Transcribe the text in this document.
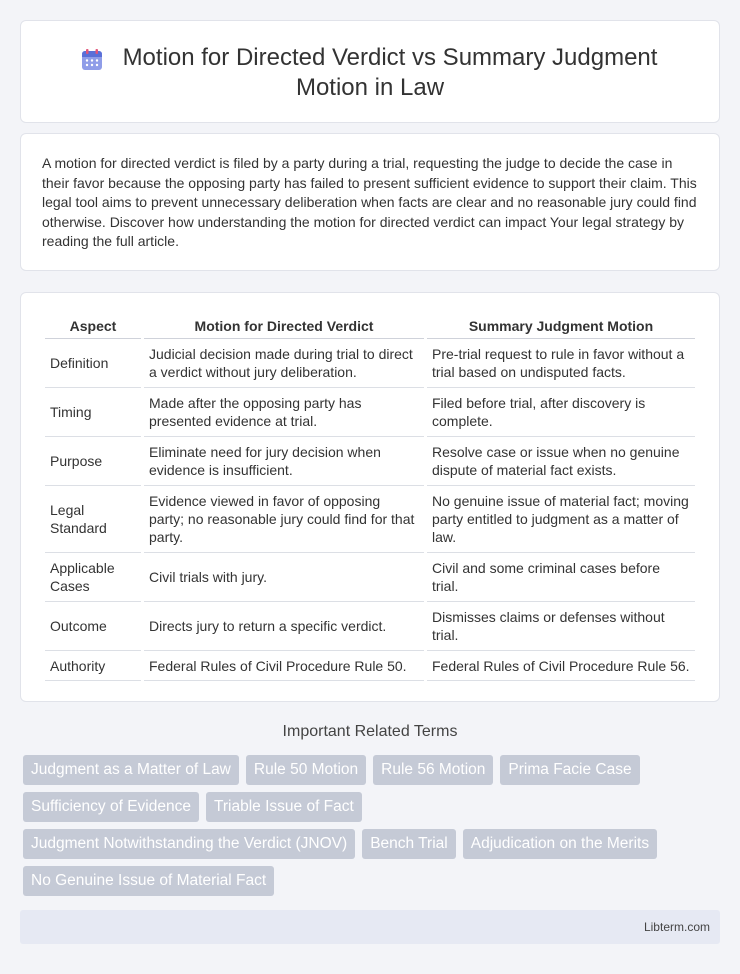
Motion for Directed Verdict vs Summary Judgment
Motion in Law

A motion for directed verdict is filed by a party during a trial, requesting the judge to decide the case in their favor because the opposing party has failed to present sufficient evidence to support their claim. This legal tool aims to prevent unnecessary deliberation when facts are clear and no reasonable jury could find otherwise. Discover how understanding the motion for directed verdict can impact Your legal strategy by reading the full article.

Aspect	Motion for Directed Verdict	Summary Judgment Motion
Definition	Judicial decision made during trial to direct a verdict without jury deliberation.	Pre-trial request to rule in favor without a trial based on undisputed facts.
Timing	Made after the opposing party has presented evidence at trial.	Filed before trial, after discovery is complete.
Purpose	Eliminate need for jury decision when evidence is insufficient.	Resolve case or issue when no genuine dispute of material fact exists.
Legal Standard	Evidence viewed in favor of opposing party; no reasonable jury could find for that party.	No genuine issue of material fact; moving party entitled to judgment as a matter of law.
Applicable Cases	Civil trials with jury.	Civil and some criminal cases before trial.
Outcome	Directs jury to return a specific verdict.	Dismisses claims or defenses without trial.
Authority	Federal Rules of Civil Procedure Rule 50.	Federal Rules of Civil Procedure Rule 56.
Important Related Terms
Judgment as a Matter of Law	Rule 50 Motion	Rule 56 Motion	Prima Facie Case
Sufficiency of Evidence	Triable Issue of Fact
Judgment Notwithstanding the Verdict (JNOV)	Bench Trial	Adjudication on the Merits
No Genuine Issue of Material Fact
Libterm.com
